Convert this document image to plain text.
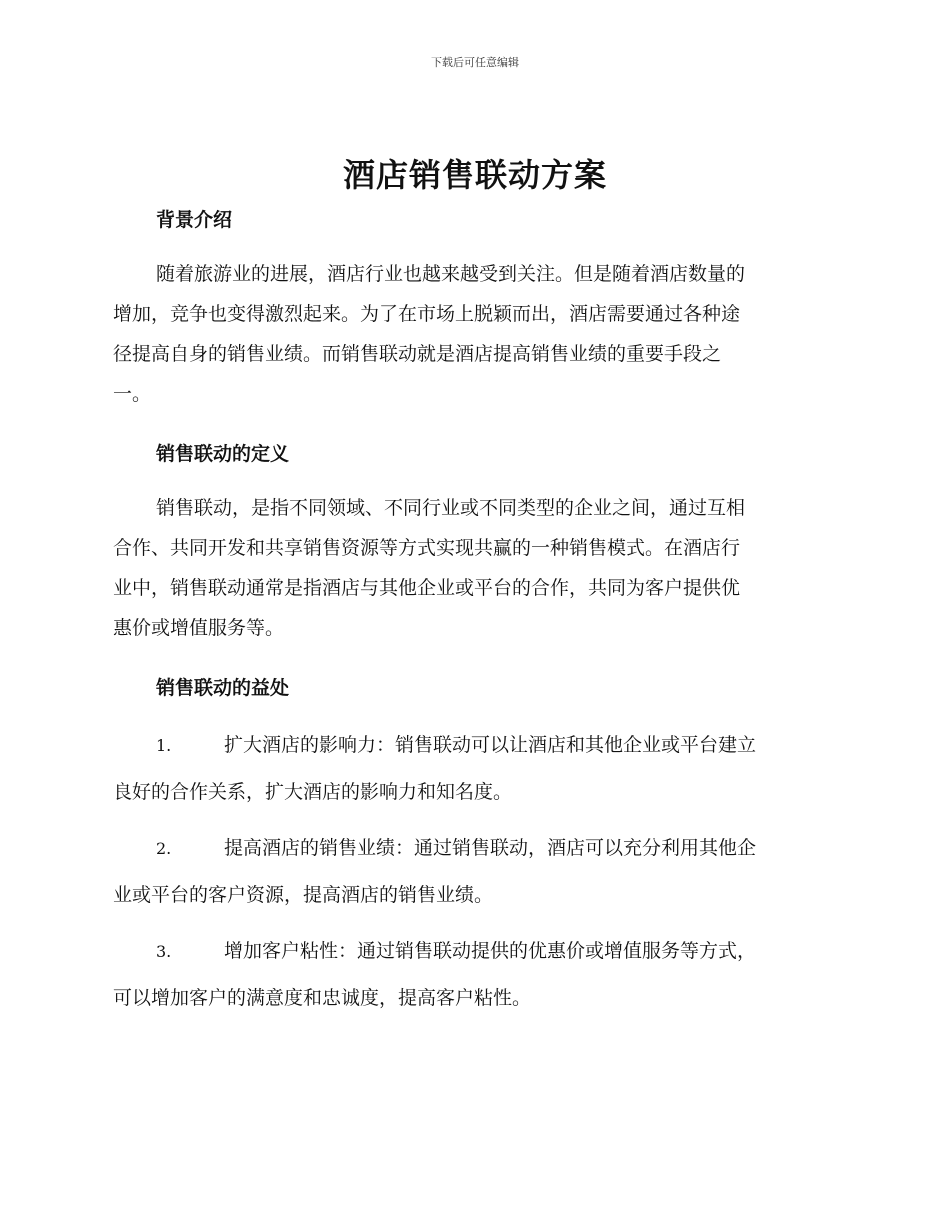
下载后可任意编辑
酒店销售联动方案
背景介绍

随着旅游业的进展，酒店行业也越来越受到关注。但是随着酒店数量的

增加，竞争也变得激烈起来。为了在市场上脱颖而出，酒店需要通过各种途

径提高自身的销售业绩。而销售联动就是酒店提高销售业绩的重要手段之

一。

销售联动的定义

销售联动，是指不同领域、不同行业或不同类型的企业之间，通过互相

合作、共同开发和共享销售资源等方式实现共赢的一种销售模式。在酒店行

业中，销售联动通常是指酒店与其他企业或平台的合作，共同为客户提供优

惠价或增值服务等。

销售联动的益处

1.	扩大酒店的影响力：销售联动可以让酒店和其他企业或平台建立

良好的合作关系，扩大酒店的影响力和知名度。

2.	提高酒店的销售业绩：通过销售联动，酒店可以充分利用其他企

业或平台的客户资源，提高酒店的销售业绩。

3.	增加客户粘性：通过销售联动提供的优惠价或增值服务等方式，

可以增加客户的满意度和忠诚度，提高客户粘性。
